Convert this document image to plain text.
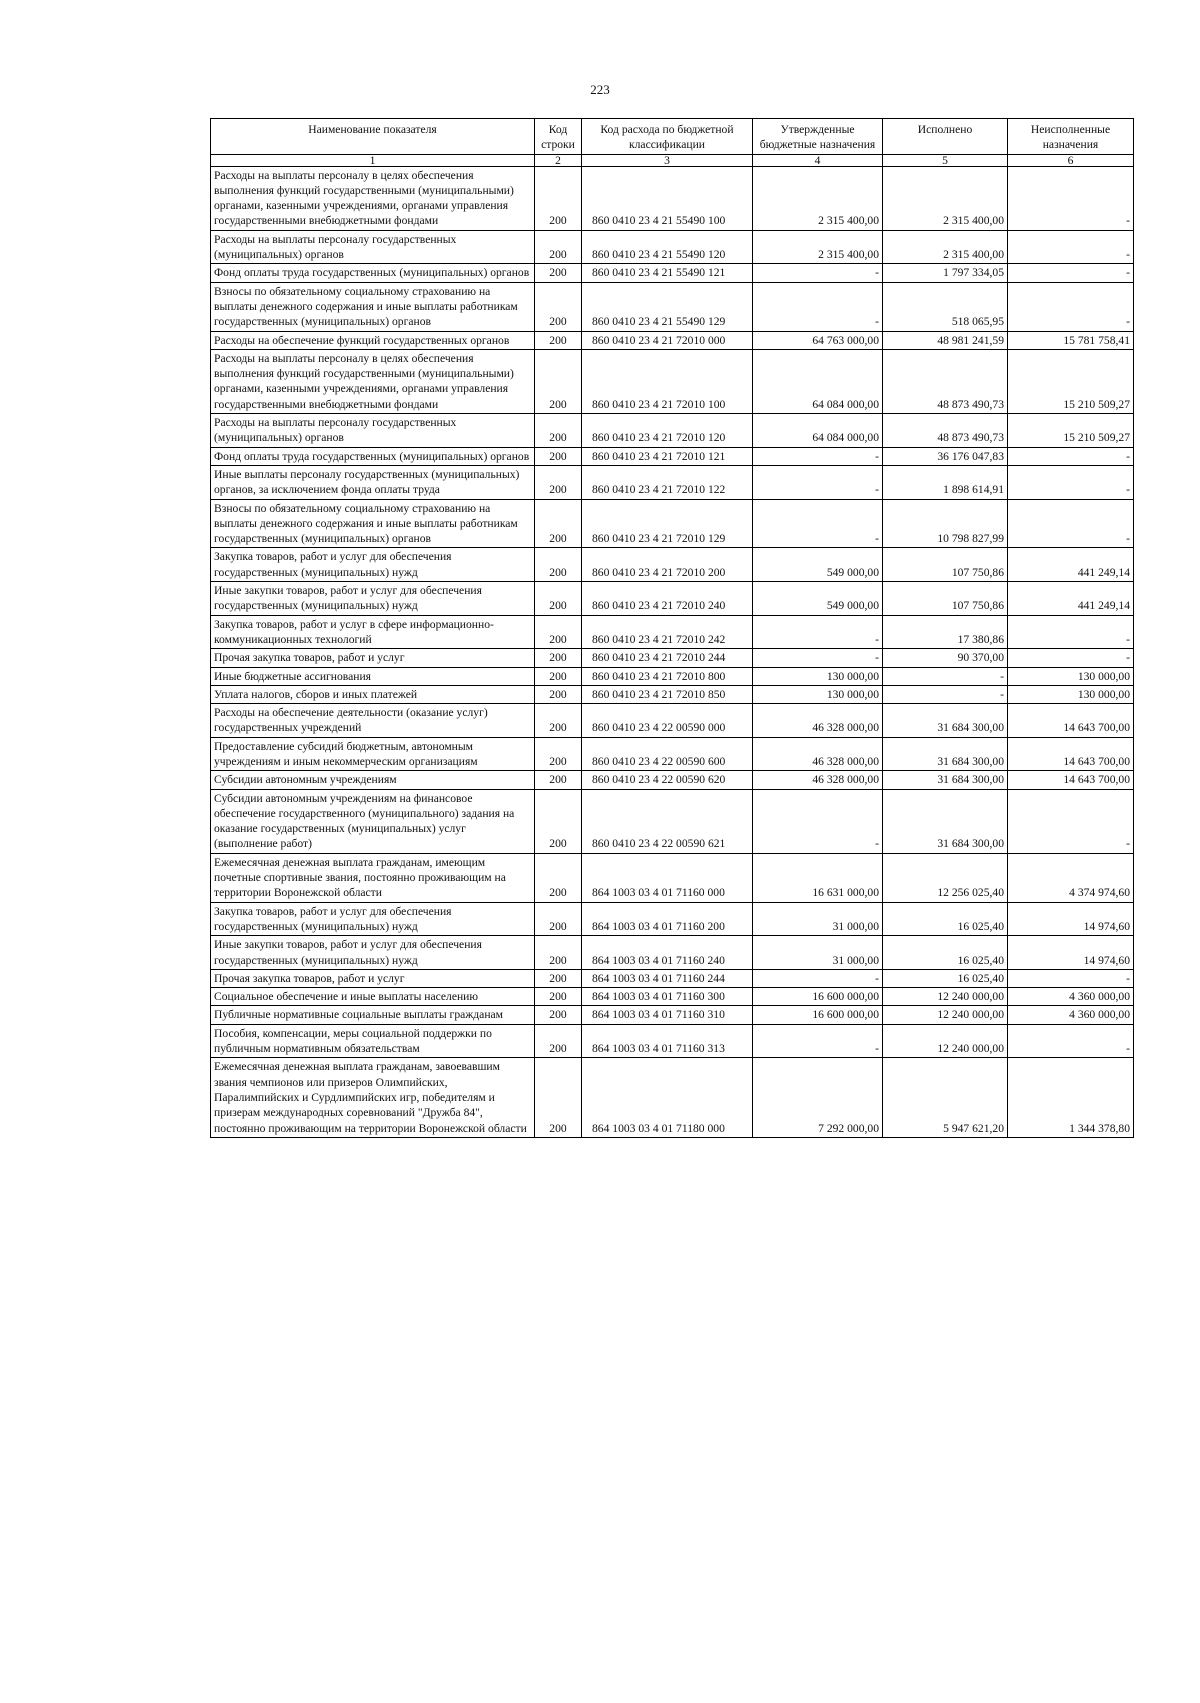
223
Наименование показателя	Код строки	Код расхода по бюджетной классификации	Утвержденные бюджетные назначения	Исполнено	Неисполненные назначения
1	2	3	4	5	6
Расходы на выплаты персоналу в целях обеспечения выполнения функций государственными (муниципальными) органами, казенными учреждениями, органами управления государственными внебюджетными фондами	200	860 0410 23 4 21 55490 100	2 315 400,00	2 315 400,00	-
Расходы на выплаты персоналу государственных (муниципальных) органов	200	860 0410 23 4 21 55490 120	2 315 400,00	2 315 400,00	-
Фонд оплаты труда государственных (муниципальных) органов	200	860 0410 23 4 21 55490 121	-	1 797 334,05	-
Взносы по обязательному социальному страхованию на выплаты денежного содержания и иные выплаты работникам государственных (муниципальных) органов	200	860 0410 23 4 21 55490 129	-	518 065,95	-
Расходы на обеспечение функций государственных органов	200	860 0410 23 4 21 72010 000	64 763 000,00	48 981 241,59	15 781 758,41
Расходы на выплаты персоналу в целях обеспечения выполнения функций государственными (муниципальными) органами, казенными учреждениями, органами управления государственными внебюджетными фондами	200	860 0410 23 4 21 72010 100	64 084 000,00	48 873 490,73	15 210 509,27
Расходы на выплаты персоналу государственных (муниципальных) органов	200	860 0410 23 4 21 72010 120	64 084 000,00	48 873 490,73	15 210 509,27
Фонд оплаты труда государственных (муниципальных) органов	200	860 0410 23 4 21 72010 121	-	36 176 047,83	-
Иные выплаты персоналу государственных (муниципальных) органов, за исключением фонда оплаты труда	200	860 0410 23 4 21 72010 122	-	1 898 614,91	-
Взносы по обязательному социальному страхованию на выплаты денежного содержания и иные выплаты работникам государственных (муниципальных) органов	200	860 0410 23 4 21 72010 129	-	10 798 827,99	-
Закупка товаров, работ и услуг для обеспечения государственных (муниципальных) нужд	200	860 0410 23 4 21 72010 200	549 000,00	107 750,86	441 249,14
Иные закупки товаров, работ и услуг для обеспечения государственных (муниципальных) нужд	200	860 0410 23 4 21 72010 240	549 000,00	107 750,86	441 249,14
Закупка товаров, работ и услуг в сфере информационно-коммуникационных технологий	200	860 0410 23 4 21 72010 242	-	17 380,86	-
Прочая закупка товаров, работ и услуг	200	860 0410 23 4 21 72010 244	-	90 370,00	-
Иные бюджетные ассигнования	200	860 0410 23 4 21 72010 800	130 000,00	-	130 000,00
Уплата налогов, сборов и иных платежей	200	860 0410 23 4 21 72010 850	130 000,00	-	130 000,00
Расходы на обеспечение деятельности (оказание услуг) государственных учреждений	200	860 0410 23 4 22 00590 000	46 328 000,00	31 684 300,00	14 643 700,00
Предоставление субсидий бюджетным, автономным учреждениям и иным некоммерческим организациям	200	860 0410 23 4 22 00590 600	46 328 000,00	31 684 300,00	14 643 700,00
Субсидии автономным учреждениям	200	860 0410 23 4 22 00590 620	46 328 000,00	31 684 300,00	14 643 700,00
Субсидии автономным учреждениям на финансовое обеспечение государственного (муниципального) задания на оказание государственных (муниципальных) услуг (выполнение работ)	200	860 0410 23 4 22 00590 621	-	31 684 300,00	-
Ежемесячная денежная выплата гражданам, имеющим почетные спортивные звания, постоянно проживающим на территории Воронежской области	200	864 1003 03 4 01 71160 000	16 631 000,00	12 256 025,40	4 374 974,60
Закупка товаров, работ и услуг для обеспечения государственных (муниципальных) нужд	200	864 1003 03 4 01 71160 200	31 000,00	16 025,40	14 974,60
Иные закупки товаров, работ и услуг для обеспечения государственных (муниципальных) нужд	200	864 1003 03 4 01 71160 240	31 000,00	16 025,40	14 974,60
Прочая закупка товаров, работ и услуг	200	864 1003 03 4 01 71160 244	-	16 025,40	-
Социальное обеспечение и иные выплаты населению	200	864 1003 03 4 01 71160 300	16 600 000,00	12 240 000,00	4 360 000,00
Публичные нормативные социальные выплаты гражданам	200	864 1003 03 4 01 71160 310	16 600 000,00	12 240 000,00	4 360 000,00
Пособия, компенсации, меры социальной поддержки по публичным нормативным обязательствам	200	864 1003 03 4 01 71160 313	-	12 240 000,00	-
Ежемесячная денежная выплата гражданам, завоевавшим звания чемпионов или призеров Олимпийских, Паралимпийских и Сурдлимпийских игр, победителям и призерам международных соревнований "Дружба 84", постоянно проживающим на территории Воронежской области	200	864 1003 03 4 01 71180 000	7 292 000,00	5 947 621,20	1 344 378,80
